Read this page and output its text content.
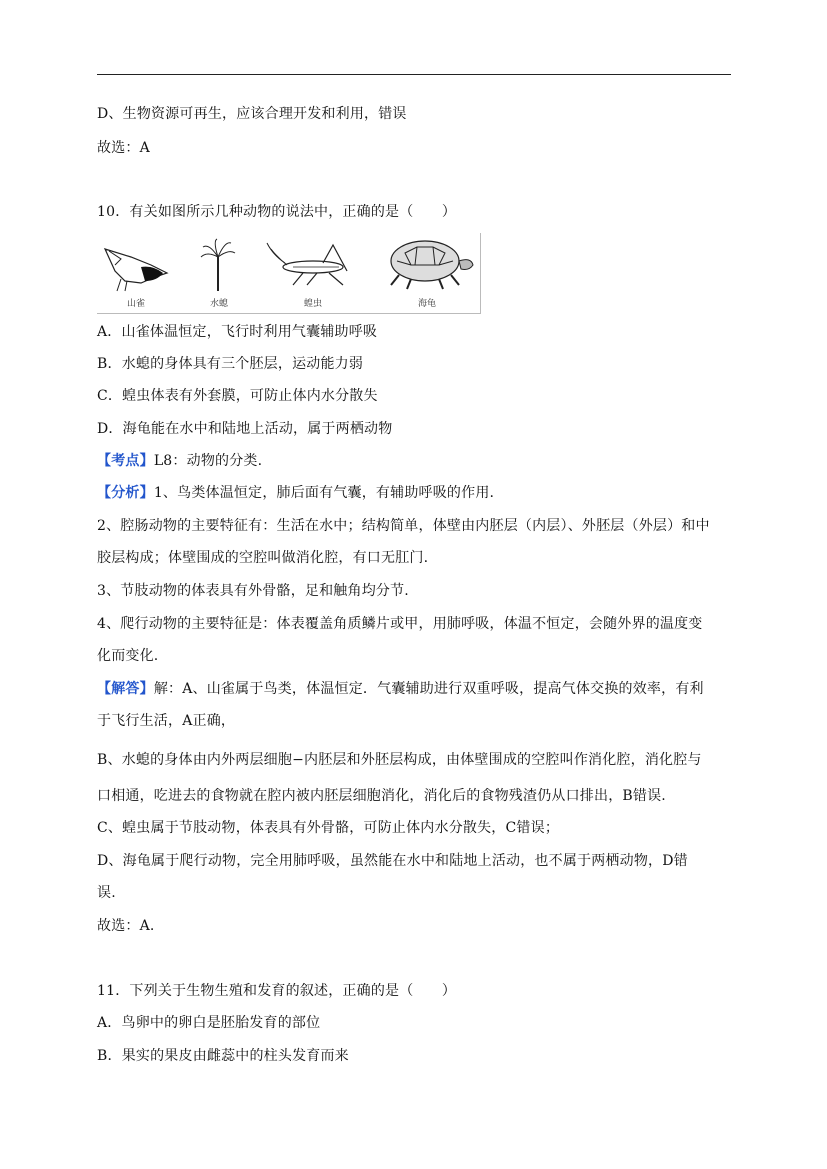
D、生物资源可再生，应该合理开发和利用，错误
故选：A
10．有关如图所示几种动物的说法中，正确的是（　　）
山雀	水螅	蝗虫	海龟
A．山雀体温恒定，飞行时利用气囊辅助呼吸
B．水螅的身体具有三个胚层，运动能力弱
C．蝗虫体表有外套膜，可防止体内水分散失
D．海龟能在水中和陆地上活动，属于两栖动物
【考点】L8：动物的分类.
【分析】1、鸟类体温恒定，肺后面有气囊，有辅助呼吸的作用.
2、腔肠动物的主要特征有：生活在水中；结构简单，体壁由内胚层（内层）、外胚层（外层）和中
胶层构成；体壁围成的空腔叫做消化腔，有口无肛门.
3、节肢动物的体表具有外骨骼，足和触角均分节.
4、爬行动物的主要特征是：体表覆盖角质鳞片或甲，用肺呼吸，体温不恒定，会随外界的温度变
化而变化.
【解答】解：A、山雀属于鸟类，体温恒定．气囊辅助进行双重呼吸，提高气体交换的效率，有利
于飞行生活，A正确，
B、水螅的身体由内外两层细胞−内胚层和外胚层构成，由体壁围成的空腔叫作消化腔，消化腔与
口相通，吃进去的食物就在腔内被内胚层细胞消化，消化后的食物残渣仍从口排出，B错误.
C、蝗虫属于节肢动物，体表具有外骨骼，可防止体内水分散失，C错误；
D、海龟属于爬行动物，完全用肺呼吸，虽然能在水中和陆地上活动，也不属于两栖动物，D错
误.
故选：A.
11．下列关于生物生殖和发育的叙述，正确的是（　　）
A．鸟卵中的卵白是胚胎发育的部位
B．果实的果皮由雌蕊中的柱头发育而来
